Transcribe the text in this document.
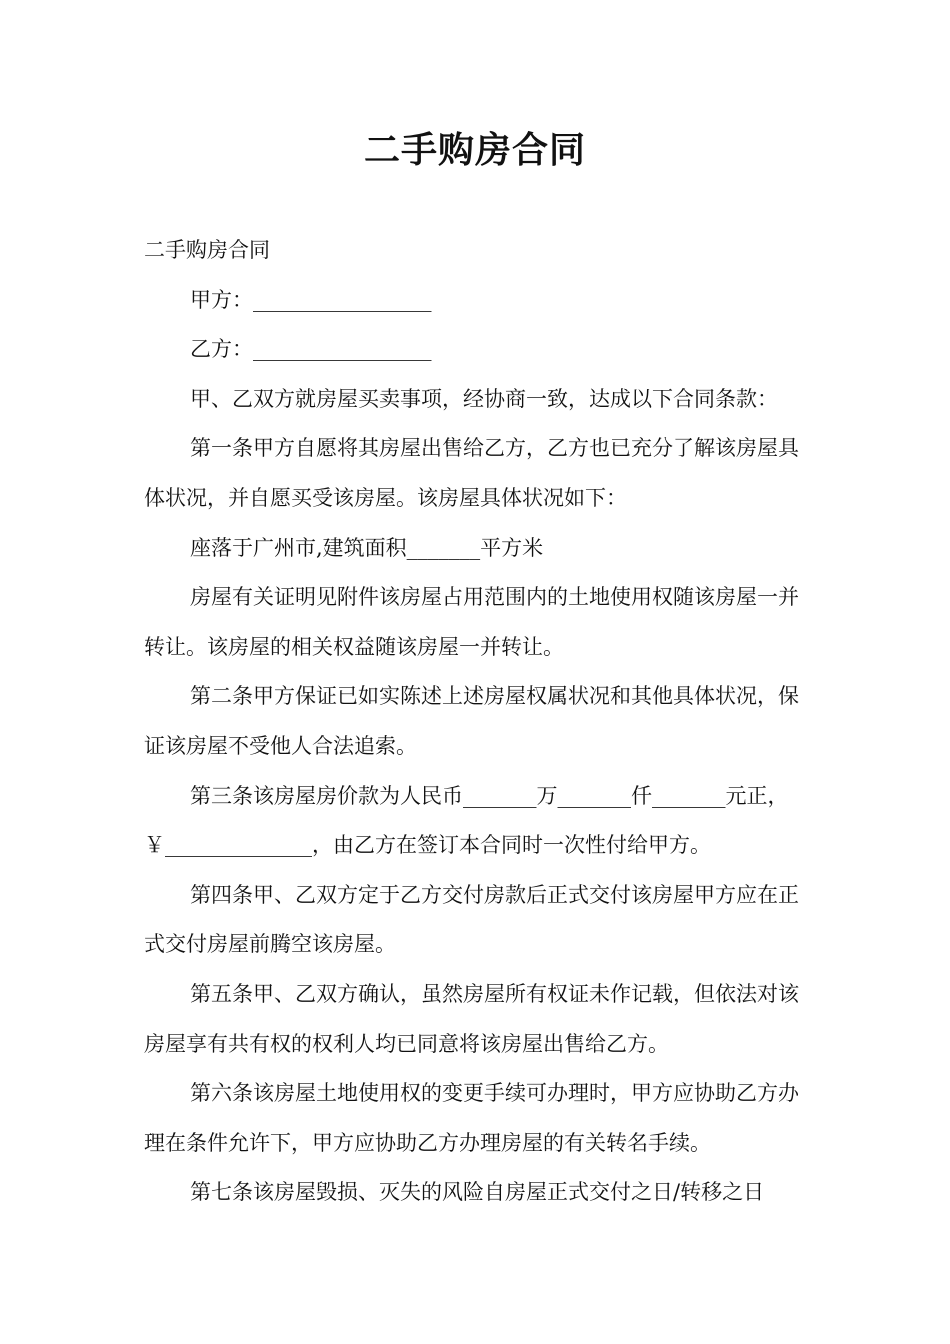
二手购房合同

二手购房合同

甲方：_________________

乙方：_________________

甲、乙双方就房屋买卖事项，经协商一致，达成以下合同条款：

第一条甲方自愿将其房屋出售给乙方，乙方也已充分了解该房屋具体状况，并自愿买受该房屋。该房屋具体状况如下：

座落于广州市,建筑面积_______平方米

房屋有关证明见附件该房屋占用范围内的土地使用权随该房屋一并转让。该房屋的相关权益随该房屋一并转让。

第二条甲方保证已如实陈述上述房屋权属状况和其他具体状况，保证该房屋不受他人合法追索。

第三条该房屋房价款为人民币_______万_______仟_______元正，￥______________，由乙方在签订本合同时一次性付给甲方。

第四条甲、乙双方定于乙方交付房款后正式交付该房屋甲方应在正式交付房屋前腾空该房屋。

第五条甲、乙双方确认，虽然房屋所有权证未作记载，但依法对该房屋享有共有权的权利人均已同意将该房屋出售给乙方。

第六条该房屋土地使用权的变更手续可办理时，甲方应协助乙方办理在条件允许下，甲方应协助乙方办理房屋的有关转名手续。

第七条该房屋毁损、灭失的风险自房屋正式交付之日/转移之日
